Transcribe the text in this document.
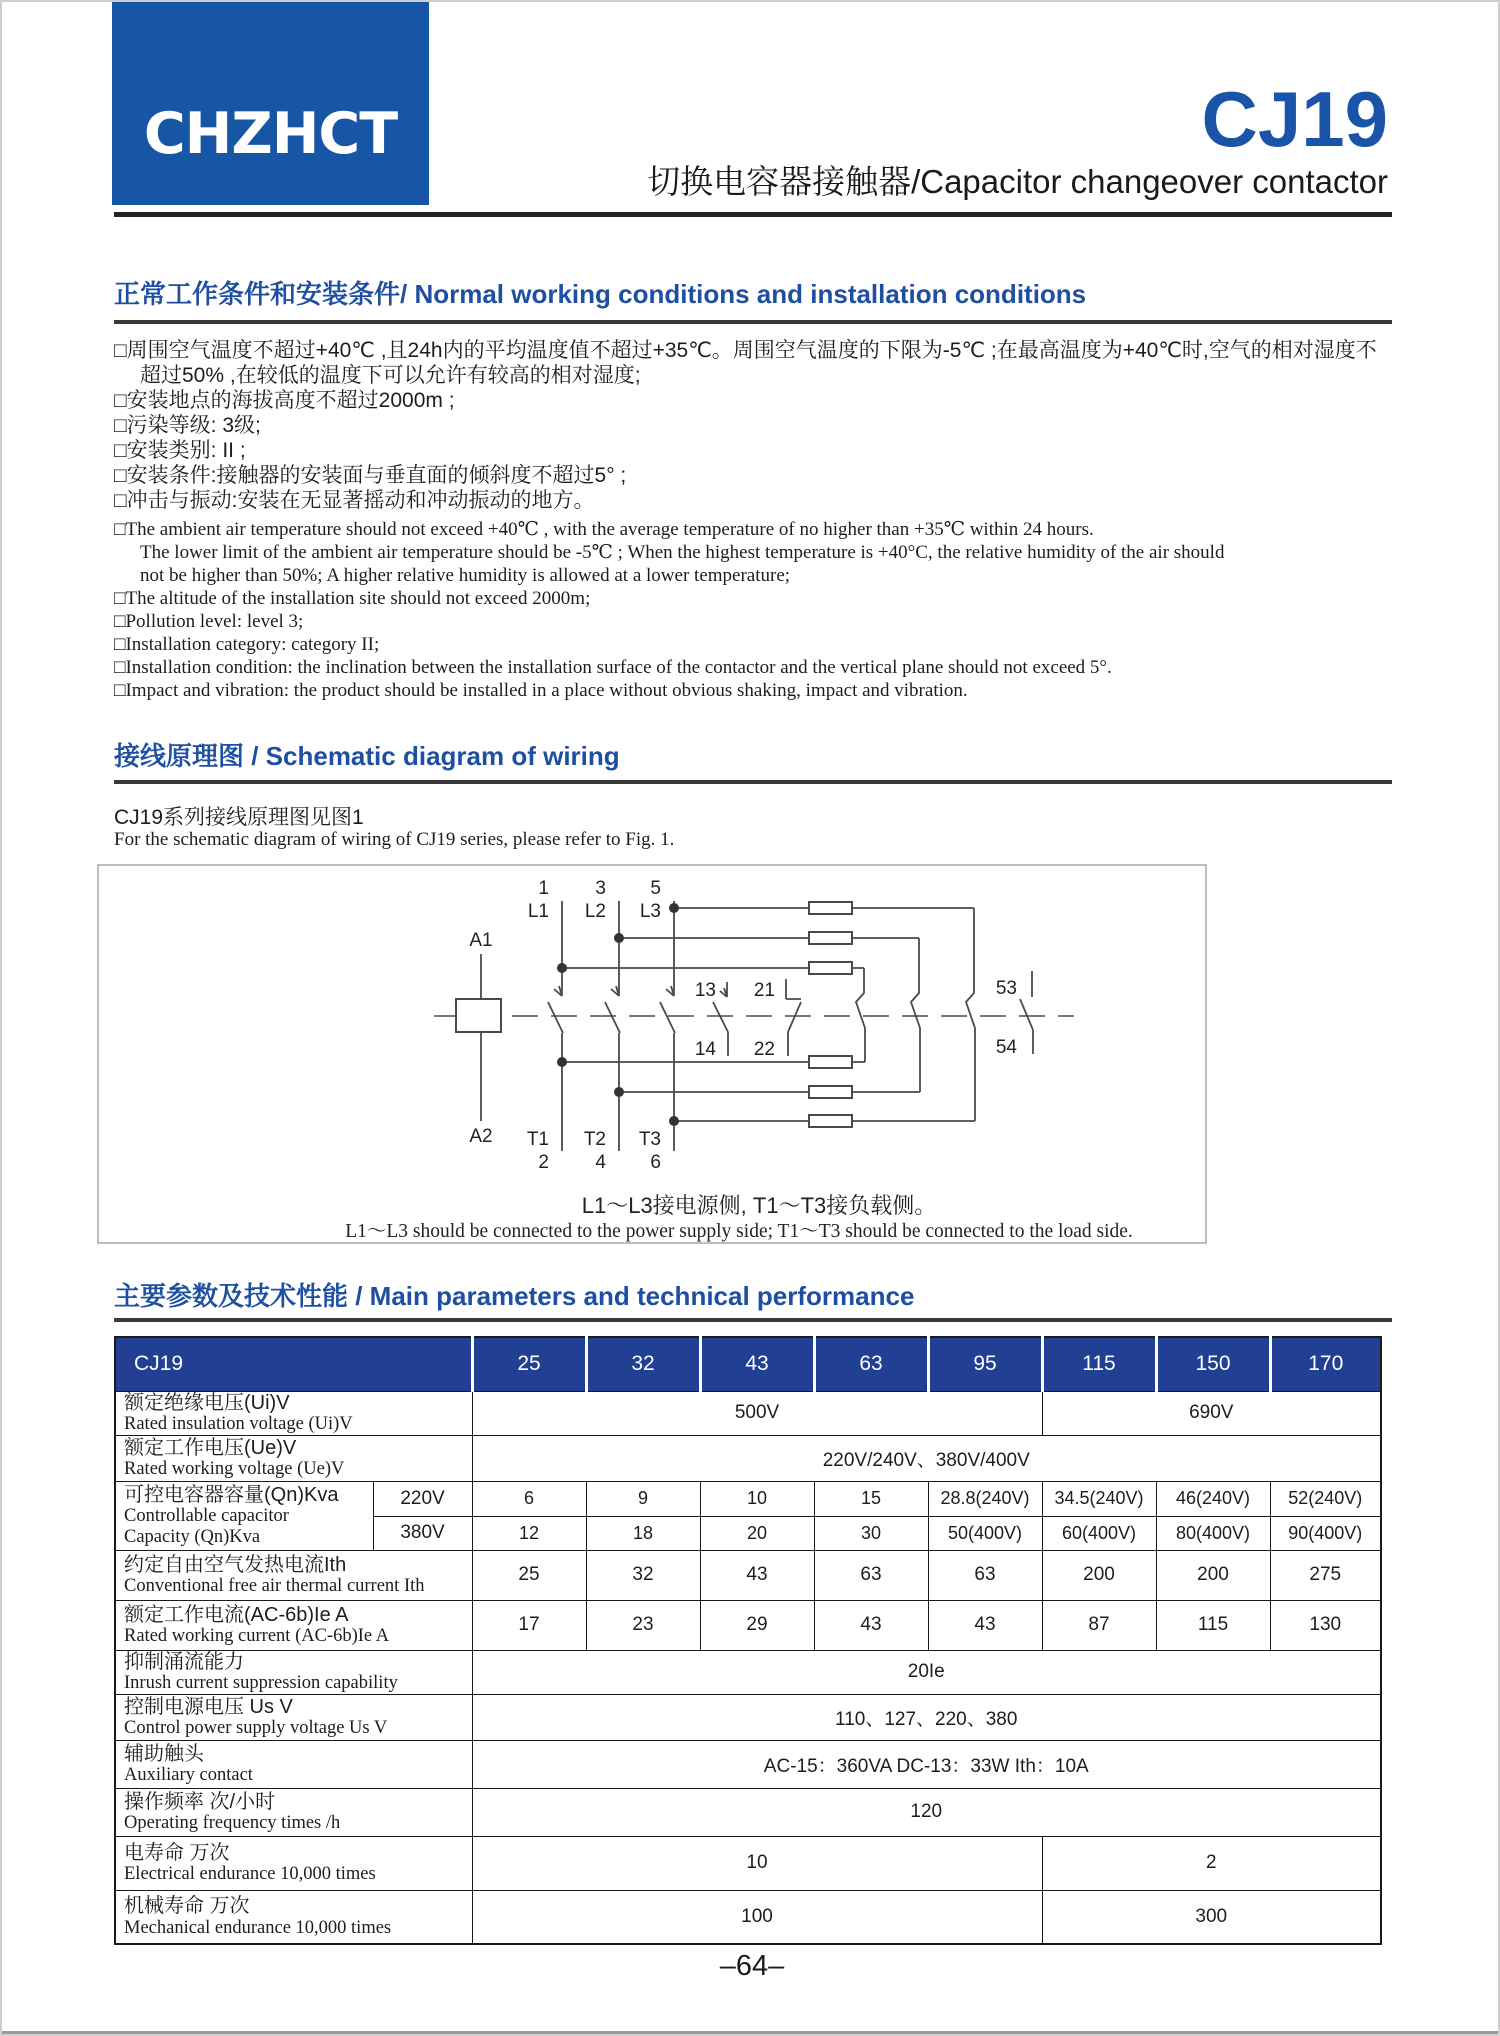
CHZHCT	CJ19
切换电容器接触器/Capacitor changeover contactor
正常工作条件和安装条件/ Normal working conditions and installation conditions
□周围空气温度不超过+40℃ ,且24h内的平均温度值不超过+35℃。周围空气温度的下限为-5℃ ;在最高温度为+40℃时,空气的相对湿度不
超过50% ,在较低的温度下可以允许有较高的相对湿度;
□安装地点的海拔高度不超过2000m ;
□污染等级: 3级;
□安装类别: II ;
□安装条件:接触器的安装面与垂直面的倾斜度不超过5° ;
□冲击与振动:安装在无显著摇动和冲动振动的地方。
□The ambient air temperature should not exceed +40℃ , with the average temperature of no higher than +35℃ within 24 hours.
The lower limit of the ambient air temperature should be -5℃ ; When the highest temperature is +40°C, the relative humidity of the air should
not be higher than 50%; A higher relative humidity is allowed at a lower temperature;
□The altitude of the installation site should not exceed 2000m;
□Pollution level: level 3;
□Installation category: category II;
□Installation condition: the inclination between the installation surface of the contactor and the vertical plane should not exceed 5°.
□Impact and vibration: the product should be installed in a place without obvious shaking, impact and vibration.
接线原理图 / Schematic diagram of wiring
CJ19系列接线原理图见图1
For the schematic diagram of wiring of CJ19 series, please refer to Fig. 1.
A1
A2
1 3 5
L1 L2 L3
T1 T2 T3
2 4 6
13
14
21
22
53
54
L1～L3接电源侧, T1～T3接负载侧。
L1～L3 should be connected to the power supply side; T1～T3 should be connected to the load side.
主要参数及技术性能 / Main parameters and technical performance
CJ19		25	32	43	63	95	115	150	170

额定绝缘电压(Ui)V
Rated insulation voltage (Ui)V		500V					690V		

额定工作电压(Ue)V
Rated working voltage (Ue)V		220V/240V、380V/400V							

可控电容器容量(Qn)Kva
Controllable capacitor
Capacity (Qn)Kva	220V	6	9	10	15	28.8(240V)	34.5(240V)	46(240V)	52(240V)
	380V	12	18	20	30	50(400V)	60(400V)	80(400V)	90(400V)

约定自由空气发热电流Ith
Conventional free air thermal current Ith		25	32	43	63	63	200	200	275

额定工作电流(AC-6b)Ie A
Rated working current (AC-6b)Ie A		17	23	29	43	43	87	115	130

抑制涌流能力
Inrush current suppression capability		20Ie							

控制电源电压 Us V
Control power supply voltage Us V		110、127、220、380							

辅助触头
Auxiliary contact		AC-15：360VA DC-13：33W Ith：10A							

操作频率 次/小时
Operating frequency times /h		120							

电寿命 万次
Electrical endurance 10,000 times		10					2		

机械寿命 万次
Mechanical endurance 10,000 times		100					300		
–64–
